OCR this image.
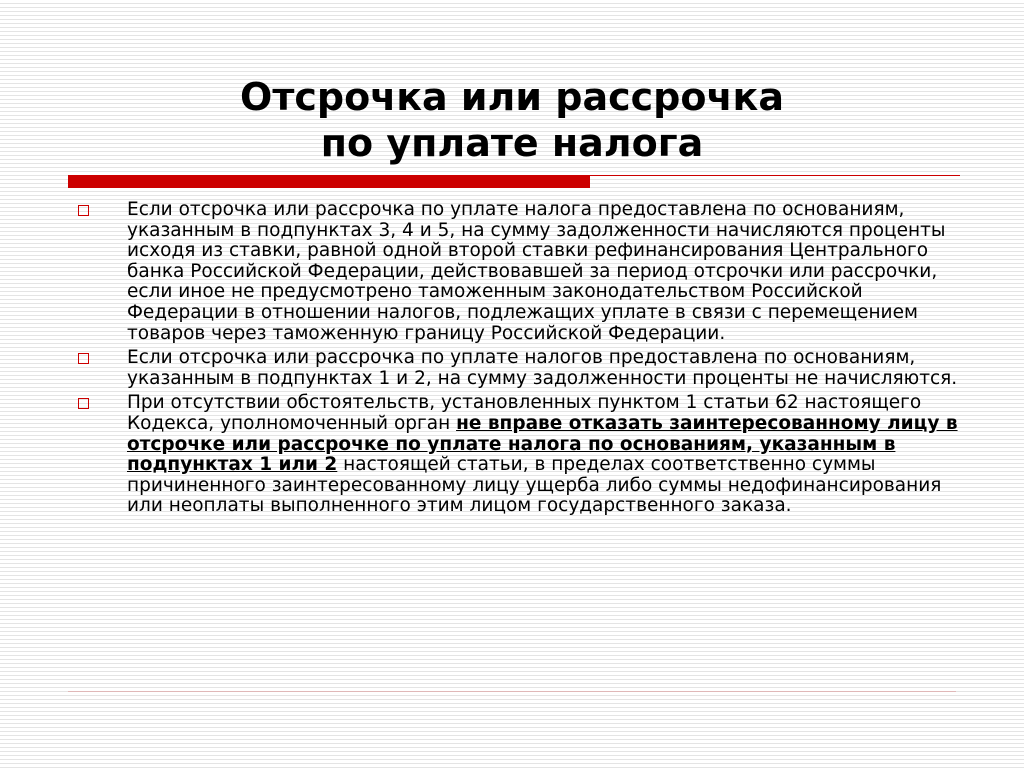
Отсрочка или рассрочка
по уплате налога
Если отсрочка или рассрочка по уплате налога предоставлена по основаниям, указанным в подпунктах 3, 4 и 5, на сумму задолженности начисляются проценты исходя из ставки, равной одной второй ставки рефинансирования Центрального банка Российской Федерации, действовавшей за период отсрочки или рассрочки, если иное не предусмотрено таможенным законодательством Российской Федерации в отношении налогов, подлежащих уплате в связи с перемещением товаров через таможенную границу Российской Федерации.
Если отсрочка или рассрочка по уплате налогов предоставлена по основаниям, указанным в подпунктах 1 и 2, на сумму задолженности проценты не начисляются.
При отсутствии обстоятельств, установленных пунктом 1 статьи 62 настоящего Кодекса, уполномоченный орган не вправе отказать заинтересованному лицу в отсрочке или рассрочке по уплате налога по основаниям, указанным в подпунктах 1 или 2 настоящей статьи, в пределах соответственно суммы причиненного заинтересованному лицу ущерба либо суммы недофинансирования или неоплаты выполненного этим лицом государственного заказа.
